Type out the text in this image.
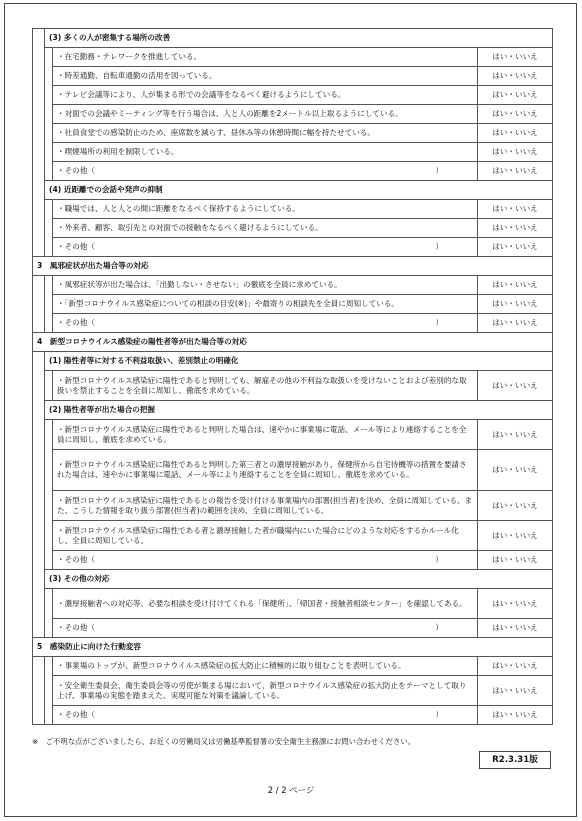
	(3) 多くの人が密集する場所の改善		
		・在宅勤務・テレワークを推進している。	はい・いいえ
		・時差通勤、自転車通勤の活用を図っている。	はい・いいえ
		・テレビ会議等により、人が集まる形での会議等をなるべく避けるようにしている。	はい・いいえ
		・対面での会議やミーティング等を行う場合は、人と人の距離を2メートル以上取るようにしている。	はい・いいえ
		・社員食堂での感染防止のため、座席数を減らす、昼休み等の休憩時間に幅を持たせている。	はい・いいえ
		・喫煙場所の利用を制限している。	はい・いいえ
		・その他（ ）	はい・いいえ
	(4) 近距離での会話や発声の抑制		
		・職場では、人と人との間に距離をなるべく保持するようにしている。	はい・いいえ
		・外来者、顧客、取引先との対面での接触をなるべく避けるようにしている。	はい・いいえ
		・その他（ ）	はい・いいえ
3　風邪症状が出た場合等の対応			
		・風邪症状等が出た場合は、「出勤しない・させない」の徹底を全員に求めている。	はい・いいえ
		・「新型コロナウイルス感染症についての相談の目安(※)」や最寄りの相談先を全員に周知している。	はい・いいえ
		・その他（ ）	はい・いいえ
4　新型コロナウイルス感染症の陽性者等が出た場合等の対応			
	(1) 陽性者等に対する不利益取扱い、差別禁止の明確化		
		・新型コロナウイルス感染症に陽性であると判明しても、解雇その他の不利益な取扱いを受けないことおよび差別的な取扱いを禁止することを全員に周知し、徹底を求めている。	はい・いいえ
	(2) 陽性者等が出た場合の把握		
		・新型コロナウイルス感染症に陽性であると判明した場合は、速やかに事業場に電話、メール等により連絡することを全員に周知し、徹底を求めている。	はい・いいえ
		・新型コロナウイルス感染症に陽性であると判明した第三者との濃厚接触があり、保健所から自宅待機等の措置を要請された場合は、速やかに事業場に電話、メール等により連絡することを全員に周知し、徹底を求めている。	はい・いいえ
		・新型コロナウイルス感染症に陽性であるとの報告を受け付ける事業場内の部署(担当者)を決め、全員に周知している。また、こうした情報を取り扱う部署(担当者)の範囲を決め、全員に周知している。	はい・いいえ
		・新型コロナウイルス感染症に陽性である者と濃厚接触した者が職場内にいた場合にどのような対応をするかルール化し、全員に周知している。	はい・いいえ
		・その他（ ）	はい・いいえ
	(3) その他の対応		
		・濃厚接触者への対応等、必要な相談を受け付けてくれる「保健所」、「帰国者・接触者相談センター」を確認してある。	はい・いいえ
		・その他（ ）	はい・いいえ
5　感染防止に向けた行動変容			
		・事業場のトップが、新型コロナウイルス感染症の拡大防止に積極的に取り組むことを表明している。	はい・いいえ
		・安全衛生委員会、衛生委員会等の労使が集まる場において、新型コロナウイルス感染症の拡大防止をテーマとして取り上げ、事業場の実態を踏まえた、実現可能な対策を議論している。	はい・いいえ
		・その他（ ）	はい・いいえ
※　ご不明な点がございましたら、お近くの労働局又は労働基準監督署の安全衛生主務課にお問い合わせください。
R2.3.31版
2 / 2 ページ
